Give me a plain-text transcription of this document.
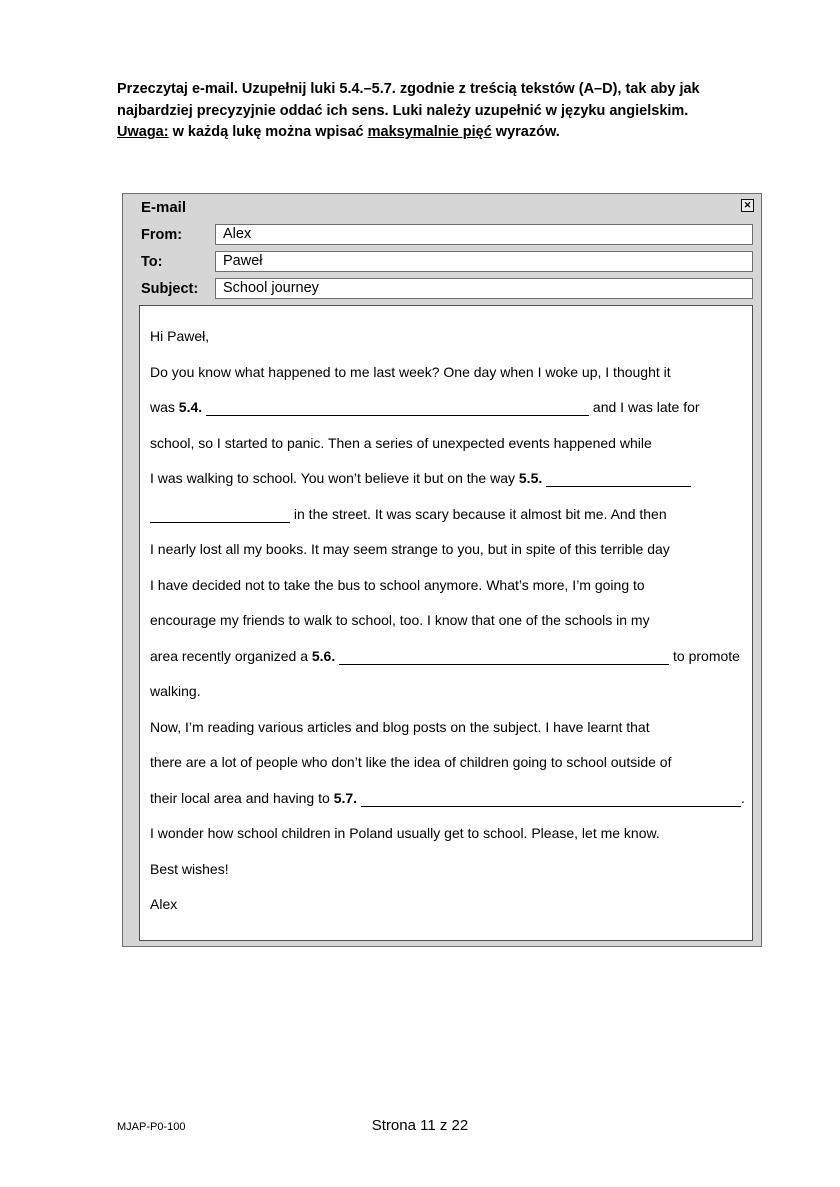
Przeczytaj e-mail. Uzupełnij luki 5.4.–5.7. zgodnie z treścią tekstów (A–D), tak aby jak
najbardziej precyzyjnie oddać ich sens. Luki należy uzupełnić w języku angielskim.
Uwaga: w każdą lukę można wpisać maksymalnie pięć wyrazów.
E-mail	✕
From:	Alex
To:	Paweł
Subject:	School journey
Hi Paweł,
Do you know what happened to me last week? One day when I woke up, I thought it
was 5.4.	and I was late for
school, so I started to panic. Then a series of unexpected events happened while
I was walking to school. You won’t believe it but on the way 5.5.
in the street. It was scary because it almost bit me. And then
I nearly lost all my books. It may seem strange to you, but in spite of this terrible day
I have decided not to take the bus to school anymore. What’s more, I’m going to
encourage my friends to walk to school, too. I know that one of the schools in my
area recently organized a 5.6.	to promote
walking.
Now, I’m reading various articles and blog posts on the subject. I have learnt that
there are a lot of people who don’t like the idea of children going to school outside of
their local area and having to 5.7.	.
I wonder how school children in Poland usually get to school. Please, let me know.
Best wishes!
Alex
MJAP-P0-100	Strona 11 z 22
